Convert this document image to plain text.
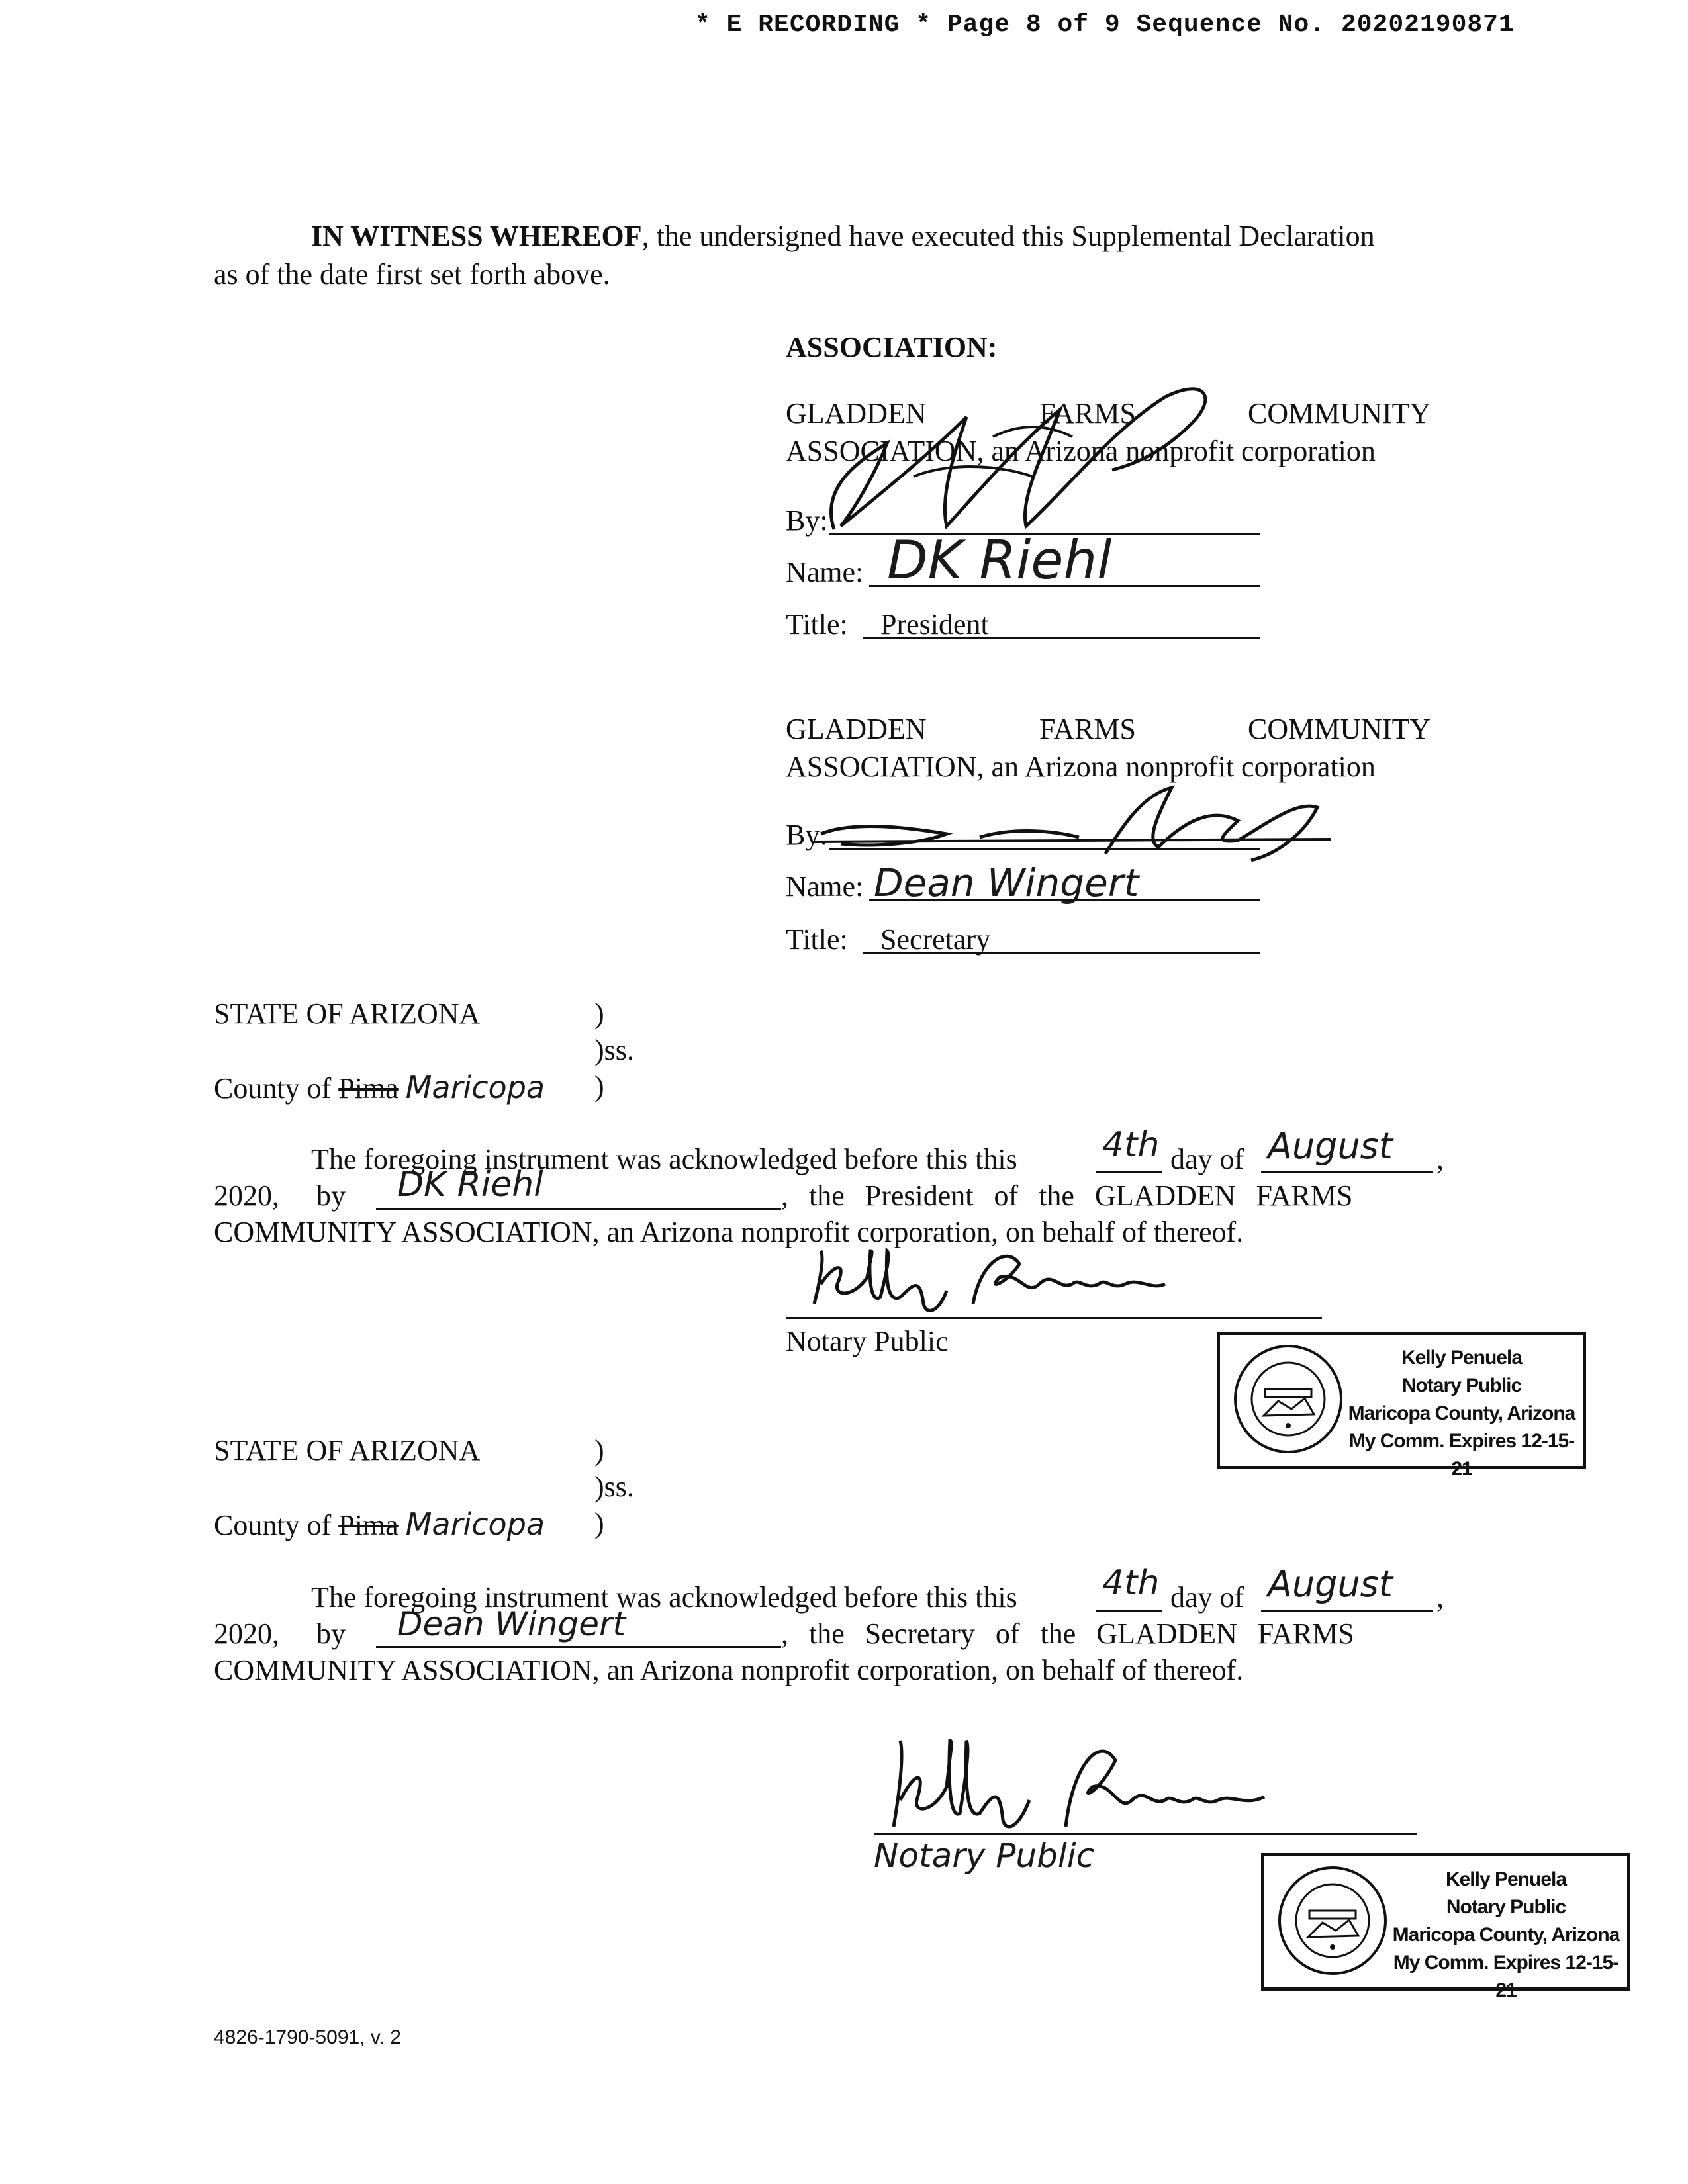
* E RECORDING * Page 8 of 9 Sequence No. 20202190871
IN WITNESS WHEREOF, the undersigned have executed this Supplemental Declaration
as of the date first set forth above.
ASSOCIATION:
GLADDEN	FARMS	COMMUNITY
ASSOCIATION, an Arizona nonprofit corporation
By:
Name: DK Riehl
Title: President
GLADDEN	FARMS	COMMUNITY
ASSOCIATION, an Arizona nonprofit corporation
By:
Name: Dean Wingert
Title: Secretary
STATE OF ARIZONA	)
)ss.
County of Pima Maricopa )
The foregoing instrument was acknowledged before this this 4th day of August ,
2020, by DK Riehl	, the President of the GLADDEN FARMS
COMMUNITY ASSOCIATION, an Arizona nonprofit corporation, on behalf of thereof.
Notary Public
Kelly Penuela
Notary Public
Maricopa County, Arizona
My Comm. Expires 12-15-21
STATE OF ARIZONA	)
)ss.
County of Pima Maricopa )
The foregoing instrument was acknowledged before this this 4th day of August ,
2020, by Dean Wingert	, the Secretary of the GLADDEN FARMS
COMMUNITY ASSOCIATION, an Arizona nonprofit corporation, on behalf of thereof.
Notary Public
Kelly Penuela
Notary Public
Maricopa County, Arizona
My Comm. Expires 12-15-21
4826-1790-5091, v. 2
